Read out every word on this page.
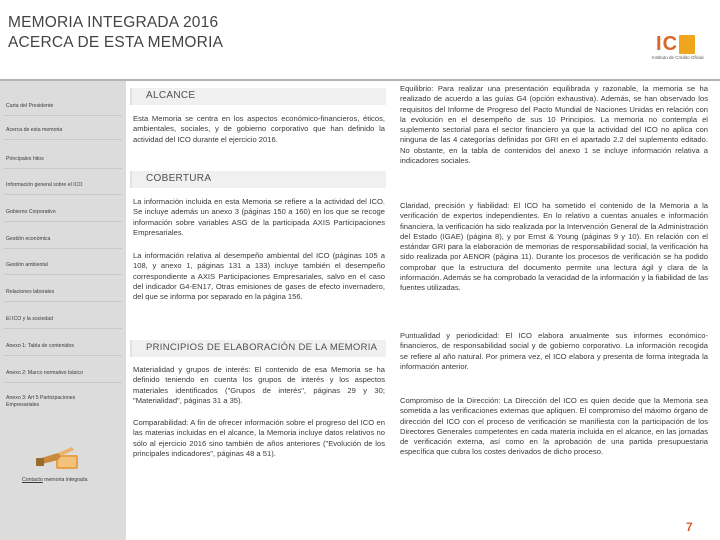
MEMORIA INTEGRADA 2016
ACERCA DE ESTA MEMORIA	I C
Instituto de Crédito Oficial
Carta del Presidente
Acerca de esta memoria
Principales hitos
Información general sobre el ICO
Gobierno Corporativo
Gestión económica
Gestión ambiental
Relaciones laborales
El ICO y la sociedad
Anexo 1: Tabla de contenidos
Anexo 2: Marco normativo básico
Anexo 3: Art 5 Participaciones Empresariales
Contacto memoria integrada
ALCANCE
Esta Memoria se centra en los aspectos económico-financieros, éticos, ambientales, sociales, y de gobierno corporativo que han definido la actividad del ICO durante el ejercicio 2016.
COBERTURA
La información incluida en esta Memoria se refiere a la actividad del ICO. Se incluye además un anexo 3 (páginas 150 a 160) en los que se recoge información sobre variables ASG de la participada AXIS Participaciones Empresariales.
La información relativa al desempeño ambiental del ICO (páginas 105 a 108, y anexo 1, páginas 131 a 133) incluye también el desempeño correspondiente a AXIS Participaciones Empresariales, salvo en el caso del indicador G4-EN17, Otras emisiones de gases de efecto invernadero, del que se informa por separado en la página 156.
PRINCIPIOS DE ELABORACIÓN DE LA MEMORIA
Materialidad y grupos de interés: El contenido de esa Memoria se ha definido teniendo en cuenta los grupos de interés y los aspectos materiales identificados ("Grupos de interés", páginas 29 y 30; "Materialidad", páginas 31 a 35).
Comparabilidad: A fin de ofrecer información sobre el progreso del ICO en las materias incluidas en el alcance, la Memoria incluye datos relativos no sólo al ejercicio 2016 sino también de años anteriores ("Evolución de los principales indicadores", páginas 48 a 51).
Equilibrio: Para realizar una presentación equilibrada y razonable, la memoria se ha realizado de acuerdo a las guías G4 (opción exhaustiva). Además, se han observado los requisitos del Informe de Progreso del Pacto Mundial de Naciones Unidas en relación con la evolución en el desempeño de sus 10 Principios. La memoria no contempla el suplemento sectorial para el sector financiero ya que la actividad del ICO no aplica con ninguna de las 4 categorías definidas por GRI en el apartado 2.2 del suplemento editado. No obstante, en la tabla de contenidos del anexo 1 se incluye información relativa a indicadores sociales.
Claridad, precisión y fiabilidad: El ICO ha sometido el contenido de la Memoria a la verificación de expertos independientes. En lo relativo a cuentas anuales e información financiera, la verificación ha sido realizada por la Intervención General de la Administración del Estado (IGAE) (página 8), y por Ernst & Young (páginas 9 y 10). En relación con el estándar GRI para la elaboración de memorias de responsabilidad social, la verificación ha sido realizada por AENOR (página 11). Durante los procesos de verificación se ha podido comprobar que la estructura del documento permite una lectura ágil y clara de la información. Además se ha comprobado la veracidad de la información y la fiabilidad de las fuentes utilizadas.
Puntualidad y periodicidad: El ICO elabora anualmente sus informes económico-financieros, de responsabilidad social y de gobierno corporativo. La información recogida se refiere al año natural. Por primera vez, el ICO elabora y presenta de forma integrada la información anterior.
Compromiso de la Dirección: La Dirección del ICO es quien decide que la Memoria sea sometida a las verificaciones externas que apliquen. El compromiso del máximo órgano de dirección del ICO con el proceso de verificación se manifiesta con la participación de los Directores Generales competentes en cada materia incluida en el alcance, en las jornadas de verificación externa, así como en la aprobación de una partida presupuestaria específica que cubra los costes derivados de dicho proceso.
7
